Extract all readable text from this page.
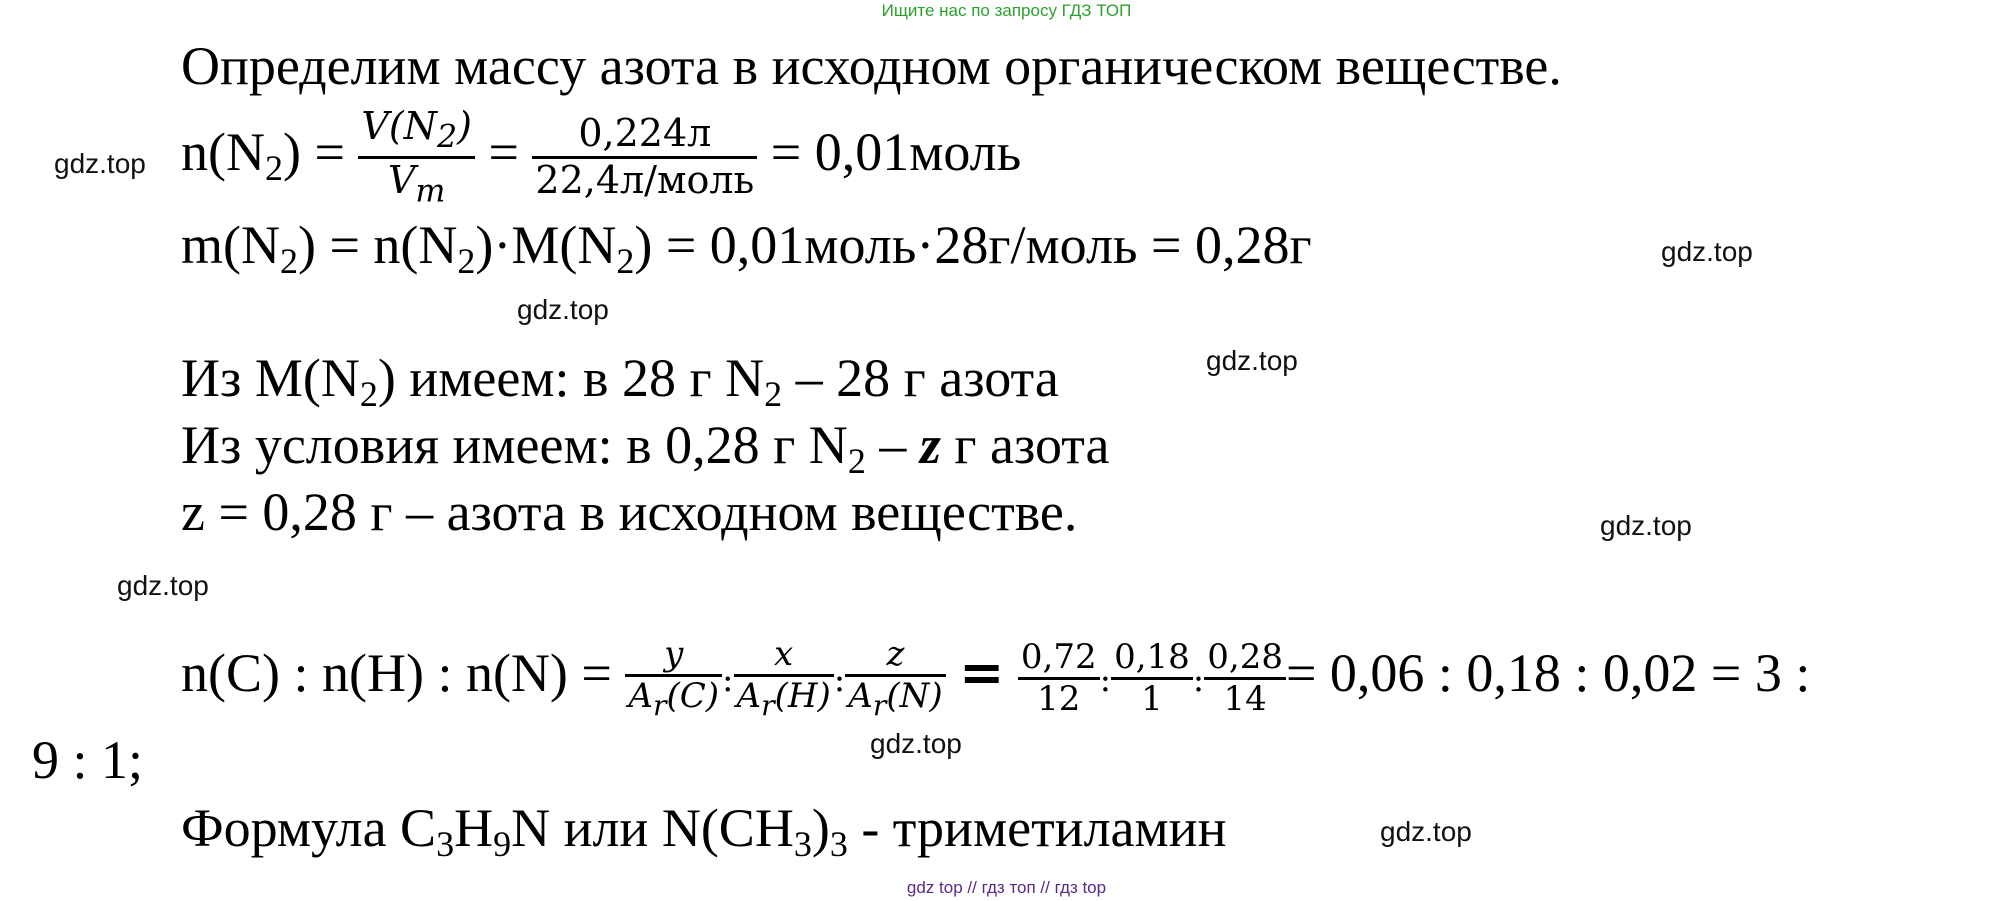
Ищите нас по запросу ГДЗ ТОП
Определим массу азота в исходном органическом веществе.
gdz.top $n(N_2) = \frac{V(N_2)}{V_m} = \frac{0,224л}{\text{22,4л/моль}}$ = 0,01моль
$m(N_2) = n(N_2)\cdot M(N_2)$ = 0,01моль·28г/моль = 0,28г	gdz.top
gdz.top
Из $M(N_2)$ имеем: в 28 г $N_2 - 28$ г азота	gdz.top
Из условия имеем: в 0,28 г $N_2$ – z г азота
z = 0,28 г – азота в исходном веществе.	gdz.top
gdz.top
n(C) : n(H) : $n(N) = \frac{y}{A_r(C)}$ : $\frac{x}{A_r(H)}$ : $\frac{z}{A_r(N)} = \frac{0,72}{12}$ : $\frac{0,18}{1}$ : $\frac{0,28}{14} = 0,06$ : 0,18 : 0,02 = 3 :
gdz.top
9 : 1;
Формула $C_3H_9N$ или $N(CH_3)_3$ - триметиламин	gdz.top
gdz top // гдз топ // гдз top
